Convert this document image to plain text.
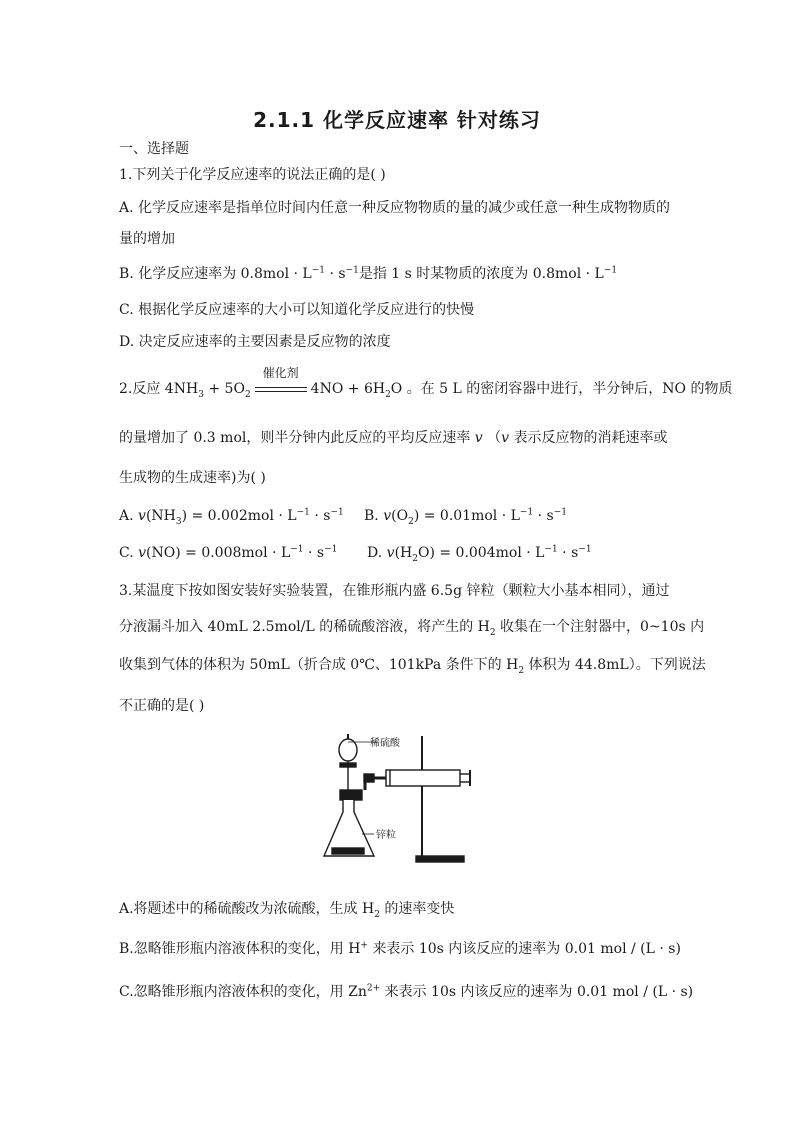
2.1.1 化学反应速率 针对练习
一、选择题
1.下列关于化学反应速率的说法正确的是( )
A. 化学反应速率是指单位时间内任意一种反应物物质的量的减少或任意一种生成物物质的
量的增加
B. 化学反应速率为 $0.8mol \cdot L^{-1} \cdot s^{-1}$是指 1 s 时某物质的浓度为 $0.8mol \cdot L^{-1}$
C. 根据化学反应速率的大小可以知道化学反应进行的快慢
D. 决定反应速率的主要因素是反应物的浓度
2.反应 $4NH_3 + 5O_2$
催化剂
$4NO + 6H_2O$ 。在 5 L 的密闭容器中进行，半分钟后，NO 的物质
的量增加了 0.3 mol，则半分钟内此反应的平均反应速率 v （v 表示反应物的消耗速率或
生成物的生成速率)为( )
A. $v(NH_3) = 0.002mol \cdot L^{-1} \cdot s^{-1}$ B. $v(O_2) = 0.01mol \cdot L^{-1} \cdot s^{-1}$
C. $v(NO) = 0.008mol \cdot L^{-1} \cdot s^{-1}$ D. $v(H_2O) = 0.004mol \cdot L^{-1} \cdot s^{-1}$
3.某温度下按如图安装好实验装置，在锥形瓶内盛 6.5g 锌粒（颗粒大小基本相同），通过
分液漏斗加入 40mL 2.5mol/L 的稀硫酸溶液，将产生的 $H_2$ 收集在一个注射器中，0~10s 内
收集到气体的体积为 50mL（折合成 0℃、101kPa 条件下的 $H_2$ 体积为 44.8mL）。下列说法
不正确的是( )
稀硫酸
锌粒
A.将题述中的稀硫酸改为浓硫酸，生成 $H_2$ 的速率变快
B.忽略锥形瓶内溶液体积的变化，用 H+ 来表示 10s 内该反应的速率为 0.01 mol / (L · s)
C.忽略锥形瓶内溶液体积的变化，用 $Zn^{2+}$ 来表示 10s 内该反应的速率为 0.01 mol / (L · s)
